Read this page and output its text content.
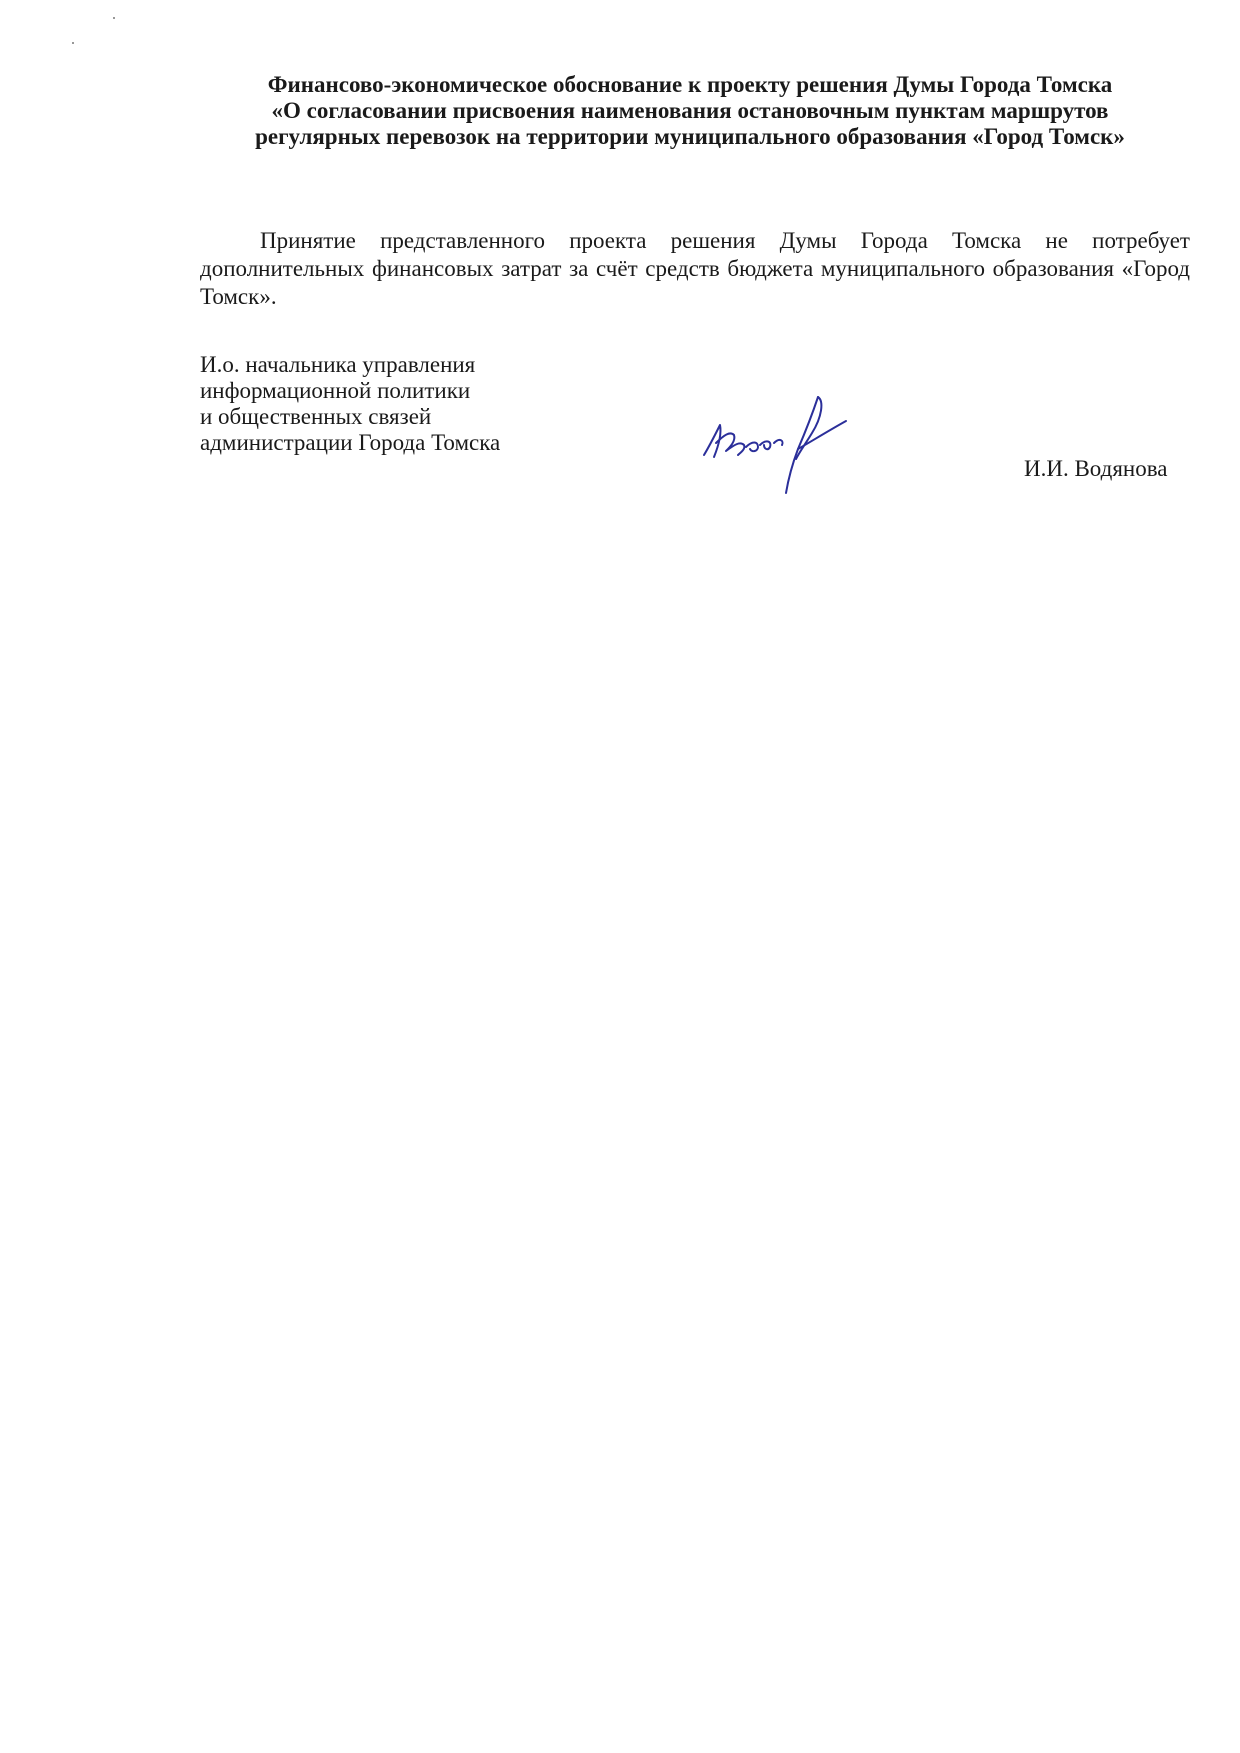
Финансово-экономическое обоснование к проекту решения Думы Города Томска
«О согласовании присвоения наименования остановочным пунктам маршрутов
регулярных перевозок на территории муниципального образования «Город Томск»

Принятие представленного проекта решения Думы Города Томска не потребует дополнительных финансовых затрат за счёт средств бюджета муниципального образования «Город Томск».

И.о. начальника управления
информационной политики
и общественных связей
администрации Города Томска
И.И. Водянова
